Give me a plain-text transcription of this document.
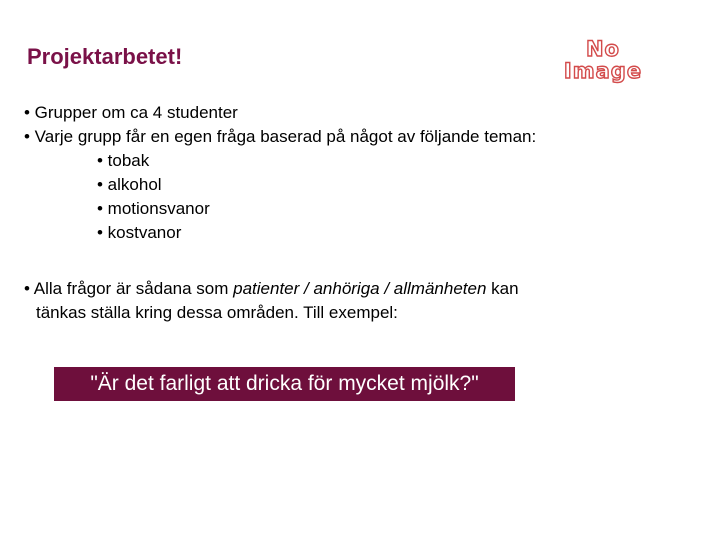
Projektarbetet!	No
Image
• Grupper om ca 4 studenter
• Varje grupp får en egen fråga baserad på något av följande teman:
• tobak
• alkohol
• motionsvanor
• kostvanor
• Alla frågor är sådana som patienter / anhöriga / allmänheten kan
tänkas ställa kring dessa områden. Till exempel:
"Är det farligt att dricka för mycket mjölk?"
